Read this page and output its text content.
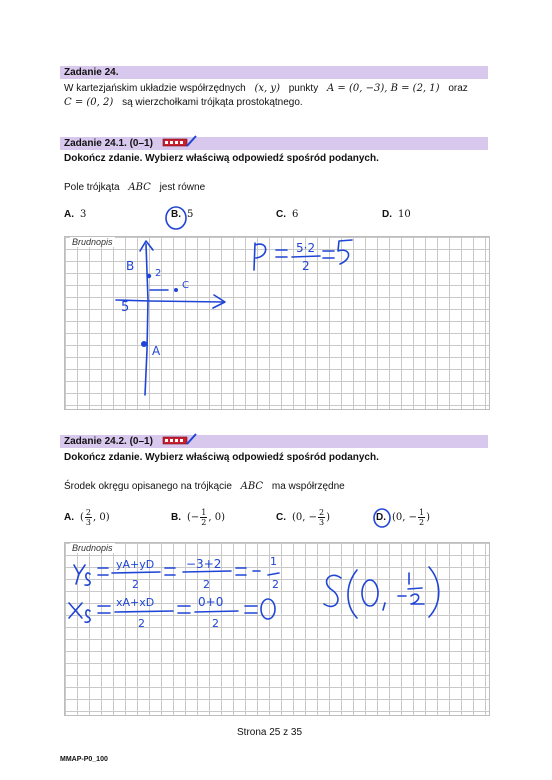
Zadanie 24.
W kartezjańskim układzie współrzędnych (x, y) punkty A = (0, −3), B = (2, 1) oraz
C = (0, 2) są wierzchołkami trójkąta prostokątnego.
Zadanie 24.1. (0–1)
Dokończ zdanie. Wybierz właściwą odpowiedź spośród podanych.
Pole trójkąta ABC jest równe
A. 3	B. 5	C. 6	D. 10
Brudnopis
B
2
C
5
A
5·2
2
Zadanie 24.2. (0–1)
Dokończ zdanie. Wybierz właściwą odpowiedź spośród podanych.
Środek okręgu opisanego na trójkącie ABC ma współrzędne
A. ( $\frac{2}{3}$ , 0)	B. (− $\frac{1}{2}$ , 0)	C. (0, − $\frac{2}{3}$ )	D. (0, − $\frac{1}{2}$ )
Brudnopis
yA+yD
2
−3+2
2
1
2
xA+xD
2
0+0
2
Strona 25 z 35
MMAP-P0_100
